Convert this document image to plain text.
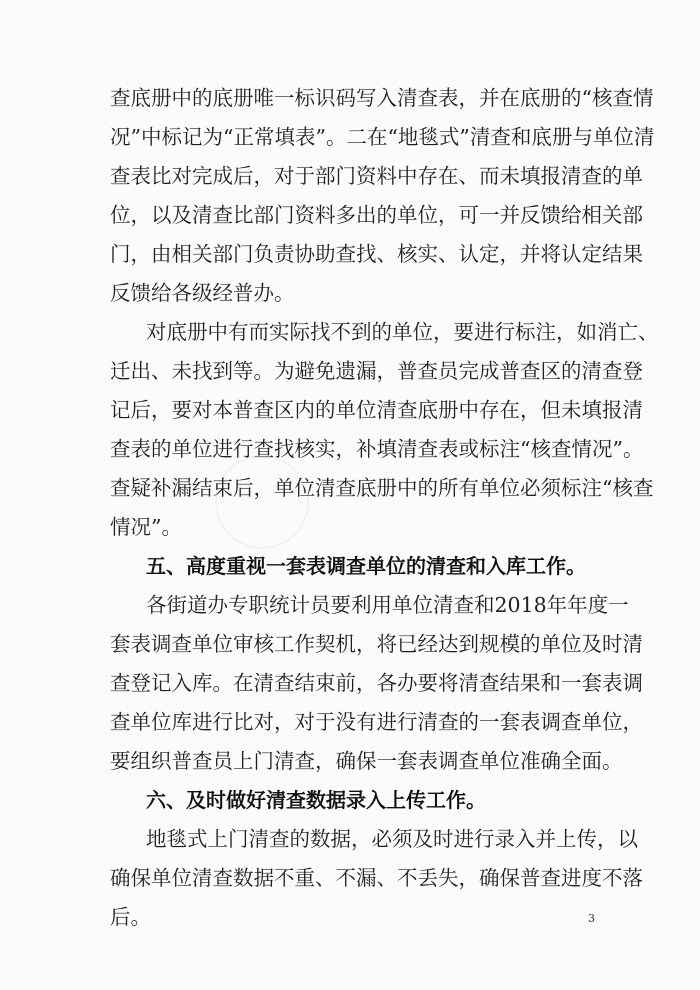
查底册中的底册唯一标识码写入清查表，并在底册的“核查情
况”中标记为“正常填表”。二在“地毯式”清查和底册与单位清
查表比对完成后，对于部门资料中存在、而未填报清查的单
位，以及清查比部门资料多出的单位，可一并反馈给相关部
门，由相关部门负责协助查找、核实、认定，并将认定结果
反馈给各级经普办。
对底册中有而实际找不到的单位，要进行标注，如消亡、
迁出、未找到等。为避免遗漏，普查员完成普查区的清查登
记后，要对本普查区内的单位清查底册中存在，但未填报清
查表的单位进行查找核实，补填清查表或标注“核查情况”。
查疑补漏结束后，单位清查底册中的所有单位必须标注“核查
情况”。
五、高度重视一套表调查单位的清查和入库工作。
各街道办专职统计员要利用单位清查和2018年年度一
套表调查单位审核工作契机，将已经达到规模的单位及时清
查登记入库。在清查结束前，各办要将清查结果和一套表调
查单位库进行比对，对于没有进行清查的一套表调查单位，
要组织普查员上门清查，确保一套表调查单位准确全面。
六、及时做好清查数据录入上传工作。
地毯式上门清查的数据，必须及时进行录入并上传，以
确保单位清查数据不重、不漏、不丢失，确保普查进度不落
后。	3
